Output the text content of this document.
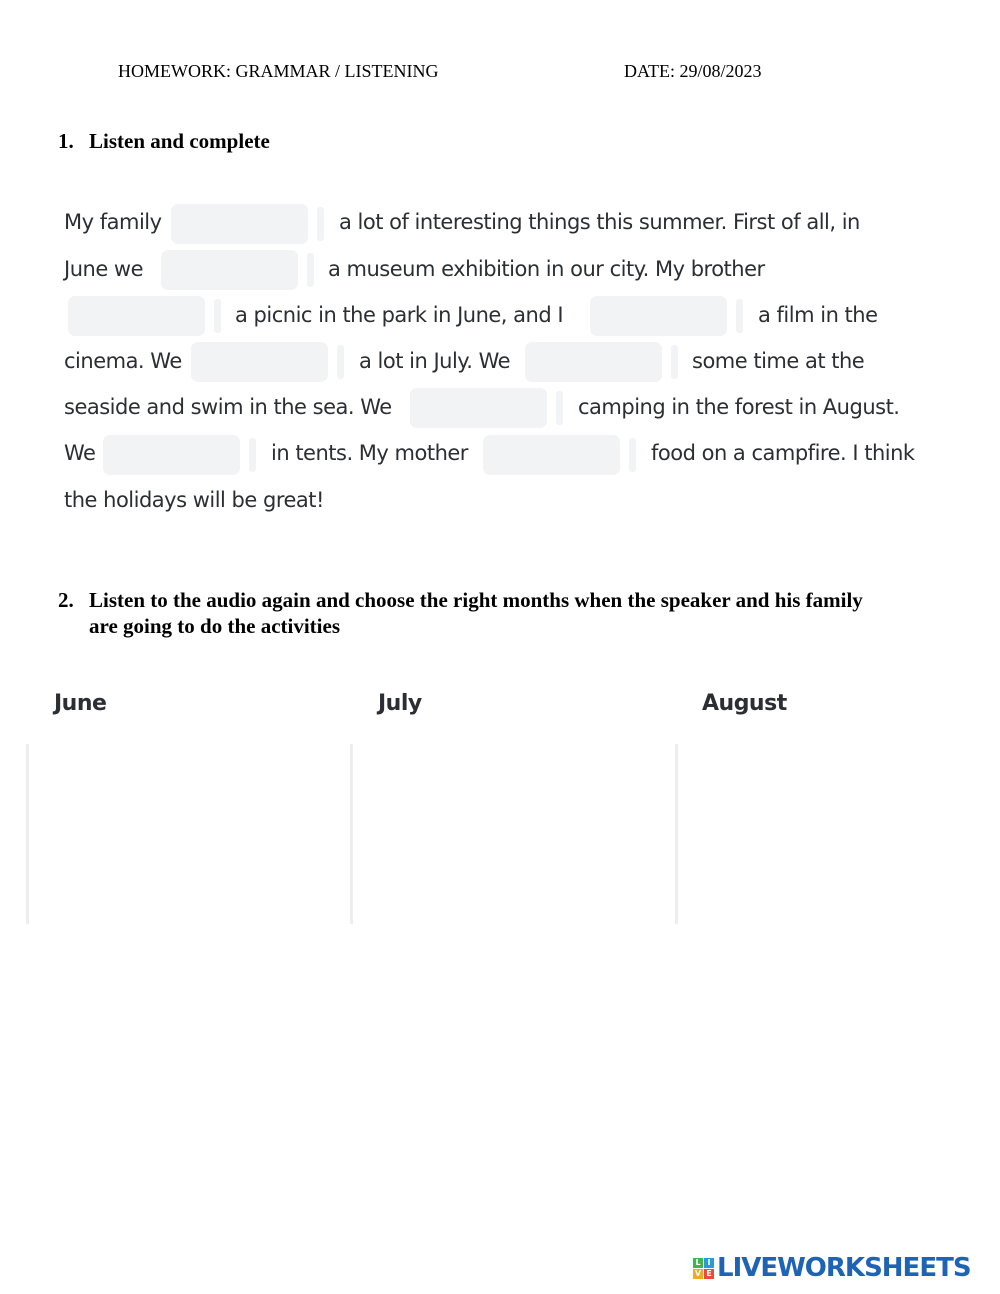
HOMEWORK: GRAMMAR / LISTENING	DATE: 29/08/2023
1. Listen and complete
My family	a lot of interesting things this summer. First of all, in
June we	a museum exhibition in our city. My brother
a picnic in the park in June, and I	a film in the
cinema. We	a lot in July. We	some time at the
seaside and swim in the sea. We	camping in the forest in August.
We	in tents. My mother	food on a campfire. I think
the holidays will be great!
2. Listen to the audio again and choose the right months when the speaker and his family are going to do the activities
June	July	August
L I
V E LIVEWORKSHEETS
